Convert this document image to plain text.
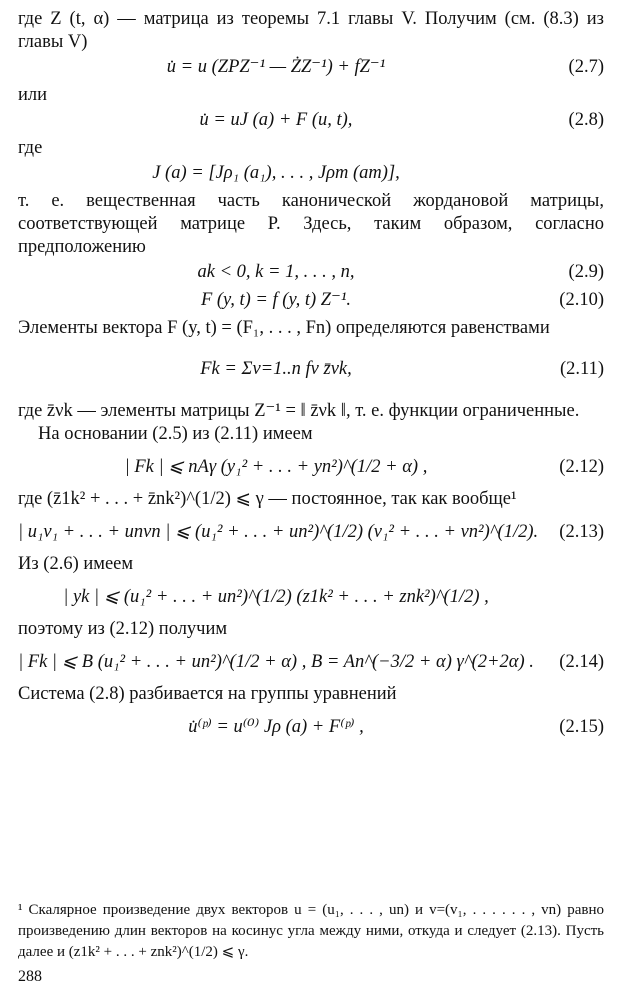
где Z (t, α) — матрица из теоремы 7.1 главы V. Получим (см. (8.3) из главы V)

u̇ = u (ZPZ⁻¹ — ŻZ⁻¹) + fZ⁻¹	(2.7)

или

u̇ = uJ (a) + F (u, t),	(2.8)

где

J (a) = [Jρ₁ (a₁), . . . , Jρm (am)],

т. е. вещественная часть канонической жордановой матрицы, соответствующей матрице P. Здесь, таким образом, согласно предположению

ak < 0, k = 1, . . . , n,	(2.9)
F (y, t) = f (y, t) Z⁻¹.	(2.10)

Элементы вектора F (y, t) = (F₁, . . . , Fn) определяются равенствами

Fk = Σν=1..n fν z̄νk,	(2.11)

где z̄νk — элементы матрицы Z⁻¹ = ‖ z̄νk ‖, т. е. функции ограниченные.

На основании (2.5) из (2.11) имеем

| Fk | ⩽ nAγ (y₁² + . . . + yn²)^(1/2 + α) ,	(2.12)

где (z̄1k² + . . . + z̄nk²)^(1/2) ⩽ γ — постоянное, так как вообще¹

| u₁v₁ + . . . + unvn | ⩽ (u₁² + . . . + un²)^(1/2) (v₁² + . . . + vn²)^(1/2). (2.13)

Из (2.6) имеем

| yk | ⩽ (u₁² + . . . + un²)^(1/2) (z1k² + . . . + znk²)^(1/2) ,

поэтому из (2.12) получим

| Fk | ⩽ B (u₁² + . . . + un²)^(1/2 + α) , B = An^(−3/2 + α) γ^(2+2α) . (2.14)

Система (2.8) разбивается на группы уравнений

u̇⁽ᵖ⁾ = u⁽⁰⁾ Jρ (a) + F⁽ᵖ⁾ ,	(2.15)

¹ Скалярное произведение двух векторов u = (u₁, . . . , un) и v=(v₁, . . . . . . , vn) равно произведению длин векторов на косинус угла между ними, откуда и следует (2.13). Пусть далее и (z1k² + . . . + znk²)^(1/2) ⩽ γ.

288
